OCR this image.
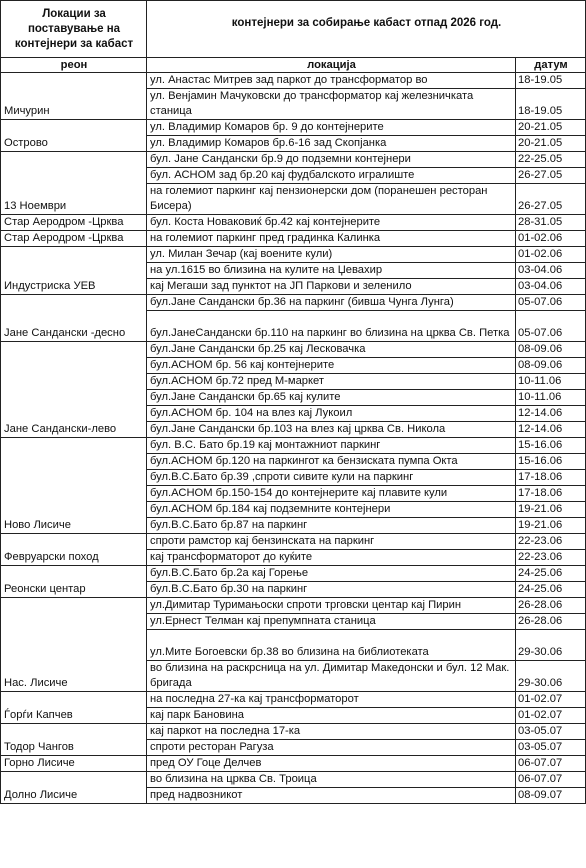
Локации за поставување на контејнери за кабаст	контејнери за собирање кабаст отпад 2026 год.	
реон	локација	датум
Мичурин	ул. Анастас Митрев зад паркот до трансформатор во	18-19.05
	ул. Венјамин Мачуковски до трансформатор кај железничката станица	18-19.05
Острово	ул. Владимир Комаров бр. 9 до контејнерите	20-21.05
	ул. Владимир Комаров бр.6-16 зад Скопјанка	20-21.05
13 Ноември	бул. Јане Сандански бр.9 до подземни контејнери	22-25.05
	бул. АСНОМ зад бр.20 кај фудбалското игралиште	26-27.05
	на големиот паркинг кај пензионерски дом (поранешен ресторан Бисера)	26-27.05
Стар Аеродром -Црква	бул. Коста Новаковиќ бр.42 кај контејнерите	28-31.05
Стар Аеродром -Црква	на големиот паркинг пред градинка Калинка	01-02.06
Индустриска УЕВ	ул. Милан Зечар (кај воените кули)	01-02.06
	на ул.1615 во близина на кулите на Џевахир	03-04.06
	кај Мегаши зад пунктот на ЈП Паркови и зеленило	03-04.06
Јане Сандански -десно	бул.Јане Сандански бр.36 на паркинг (бивша Чунга Лунга)	05-07.06
	бул.ЈанеСандански бр.110 на паркинг во близина на црква Св. Петка	05-07.06
Јане Сандански-лево	бул.Јане Сандански бр.25 кај Лесковачка	08-09.06
	бул.АСНОМ бр. 56 кај контејнерите	08-09.06
	бул.АСНОМ бр.72 пред М-маркет	10-11.06
	бул.Јане Сандански бр.65 кај кулите	10-11.06
	бул.АСНОМ бр. 104 на влез кај Лукоил	12-14.06
	бул.Јане Сандански бр.103 на влез кај црква Св. Никола	12-14.06
Ново Лисиче	бул. В.С. Бато бр.19 кај монтажниот паркинг	15-16.06
	бул.АСНОМ бр.120 на паркингот ка бензиската пумпа Окта	15-16.06
	бул.В.С.Бато бр.39 ,спроти сивите кули на паркинг	17-18.06
	бул.АСНОМ бр.150-154 до контејнерите кај плавите кули	17-18.06
	бул.АСНОМ бр.184 кај подземните контејнери	19-21.06
	бул.В.С.Бато бр.87 на паркинг	19-21.06
Февруарски поход	спроти рамстор кај бензинската на паркинг	22-23.06
	кај трансформаторот до куќите	22-23.06
Реонски центар	бул.В.С.Бато бр.2а кај Горење	24-25.06
	бул.В.С.Бато бр.30 на паркинг	24-25.06
Нас. Лисиче	ул.Димитар Туримањоски спроти трговски центар кај Пирин	26-28.06
	ул.Ернест Телман кај препумпната станица	26-28.06
	ул.Мите Богоевски бр.38 во близина на библиотеката	29-30.06
	во близина на раскрсница на ул. Димитар Македонски и бул. 12 Мак. бригада	29-30.06
Ѓорѓи Капчев	на последна 27-ка кај трансформаторот	01-02.07
	кај парк Бановина	01-02.07
Тодор Чангов	кај паркот на последна 17-ка	03-05.07
	спроти ресторан Рагуза	03-05.07
Горно Лисиче	пред ОУ Гоце Делчев	06-07.07
Долно Лисиче	во близина на црква Св. Троица	06-07.07
	пред надвозникот	08-09.07
